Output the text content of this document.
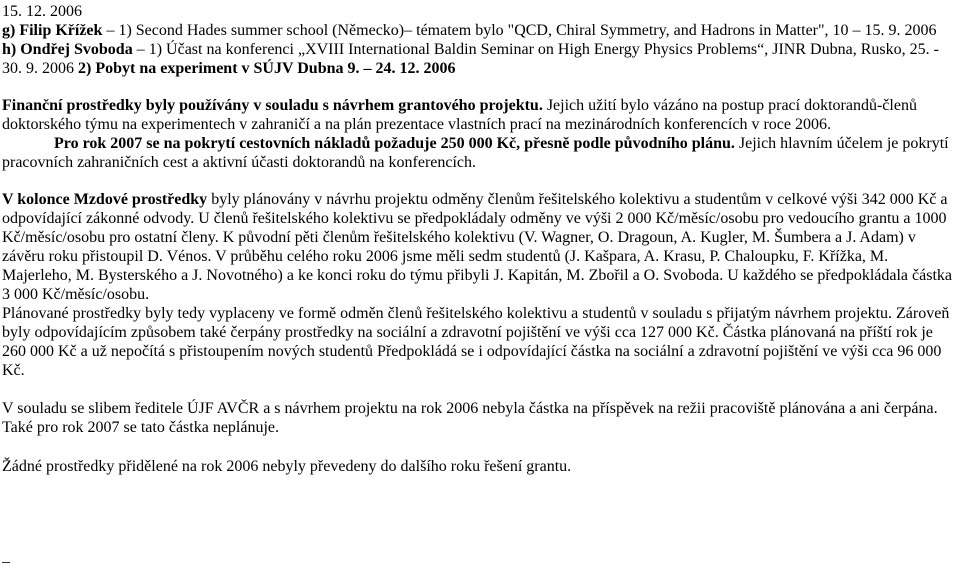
15. 12. 2006
g) Filip Křížek – 1) Second Hades summer school (Německo)– tématem bylo "QCD, Chiral Symmetry, and Hadrons in Matter", 10 – 15. 9. 2006

h) Ondřej Svoboda – 1) Účast na konferenci „XVIII International Baldin Seminar on High Energy Physics Problems“, JINR Dubna, Rusko, 25. - 30. 9. 2006 2) Pobyt na experiment v SÚJV Dubna 9. – 24. 12. 2006

Finanční prostředky byly používány v souladu s návrhem grantového projektu. Jejich užití bylo vázáno na postup prací doktorandů-členů doktorského týmu na experimentech v zahraničí a na plán prezentace vlastních prací na mezinárodních konferencích v roce 2006.
Pro rok 2007 se na pokrytí cestovních nákladů požaduje 250 000 Kč, přesně podle původního plánu. Jejich hlavním účelem je pokrytí pracovních zahraničních cest a aktivní účasti doktorandů na konferencích.

V kolonce Mzdové prostředky byly plánovány v návrhu projektu odměny členům řešitelského kolektivu a studentům v celkové výši 342 000 Kč a odpovídající zákonné odvody. U členů řešitelského kolektivu se předpokládaly odměny ve výši 2 000 Kč/měsíc/osobu pro vedoucího grantu a 1000 Kč/měsíc/osobu pro ostatní členy. K původní pěti členům řešitelského kolektivu (V. Wagner, O. Dragoun, A. Kugler, M. Šumbera a J. Adam) v závěru roku přistoupil D. Vénos. V průběhu celého roku 2006 jsme měli sedm studentů (J. Kašpara, A. Krasu, P. Chaloupku, F. Křížka, M. Majerleho, M. Bysterského a J. Novotného) a ke konci roku do týmu přibyli J. Kapitán, M. Zbořil a O. Svoboda. U každého se předpokládala částka 3 000 Kč/měsíc/osobu.

Plánované prostředky byly tedy vyplaceny ve formě odměn členů řešitelského kolektivu a studentů v souladu s přijatým návrhem projektu. Zároveň byly odpovídajícím způsobem také čerpány prostředky na sociální a zdravotní pojištění ve výši cca 127 000 Kč. Částka plánovaná na příští rok je 260 000 Kč a už nepočítá s přistoupením nových studentů Předpokládá se i odpovídající částka na sociální a zdravotní pojištění ve výši cca 96 000 Kč.

V souladu se slibem ředitele ÚJF AVČR a s návrhem projektu na rok 2006 nebyla částka na příspěvek na režii pracoviště plánována a ani čerpána. Také pro rok 2007 se tato částka neplánuje.

Žádné prostředky přidělené na rok 2006 nebyly převedeny do dalšího roku řešení grantu.
